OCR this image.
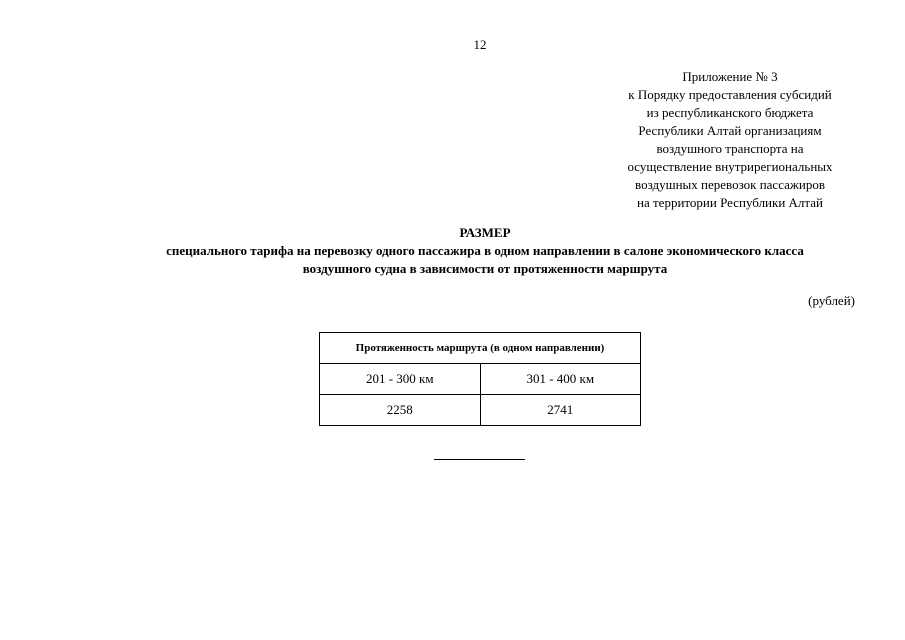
12
Приложение № 3
к Порядку предоставления субсидий
из республиканского бюджета
Республики Алтай организациям
воздушного транспорта на
осуществление внутрирегиональных
воздушных перевозок пассажиров
на территории Республики Алтай
РАЗМЕР
специального тарифа на перевозку одного пассажира в одном направлении в салоне экономического класса
воздушного судна в зависимости от протяженности маршрута
(рублей)
Протяженность маршрута (в одном направлении)	
201 - 300 км	301 - 400 км
2258	2741
